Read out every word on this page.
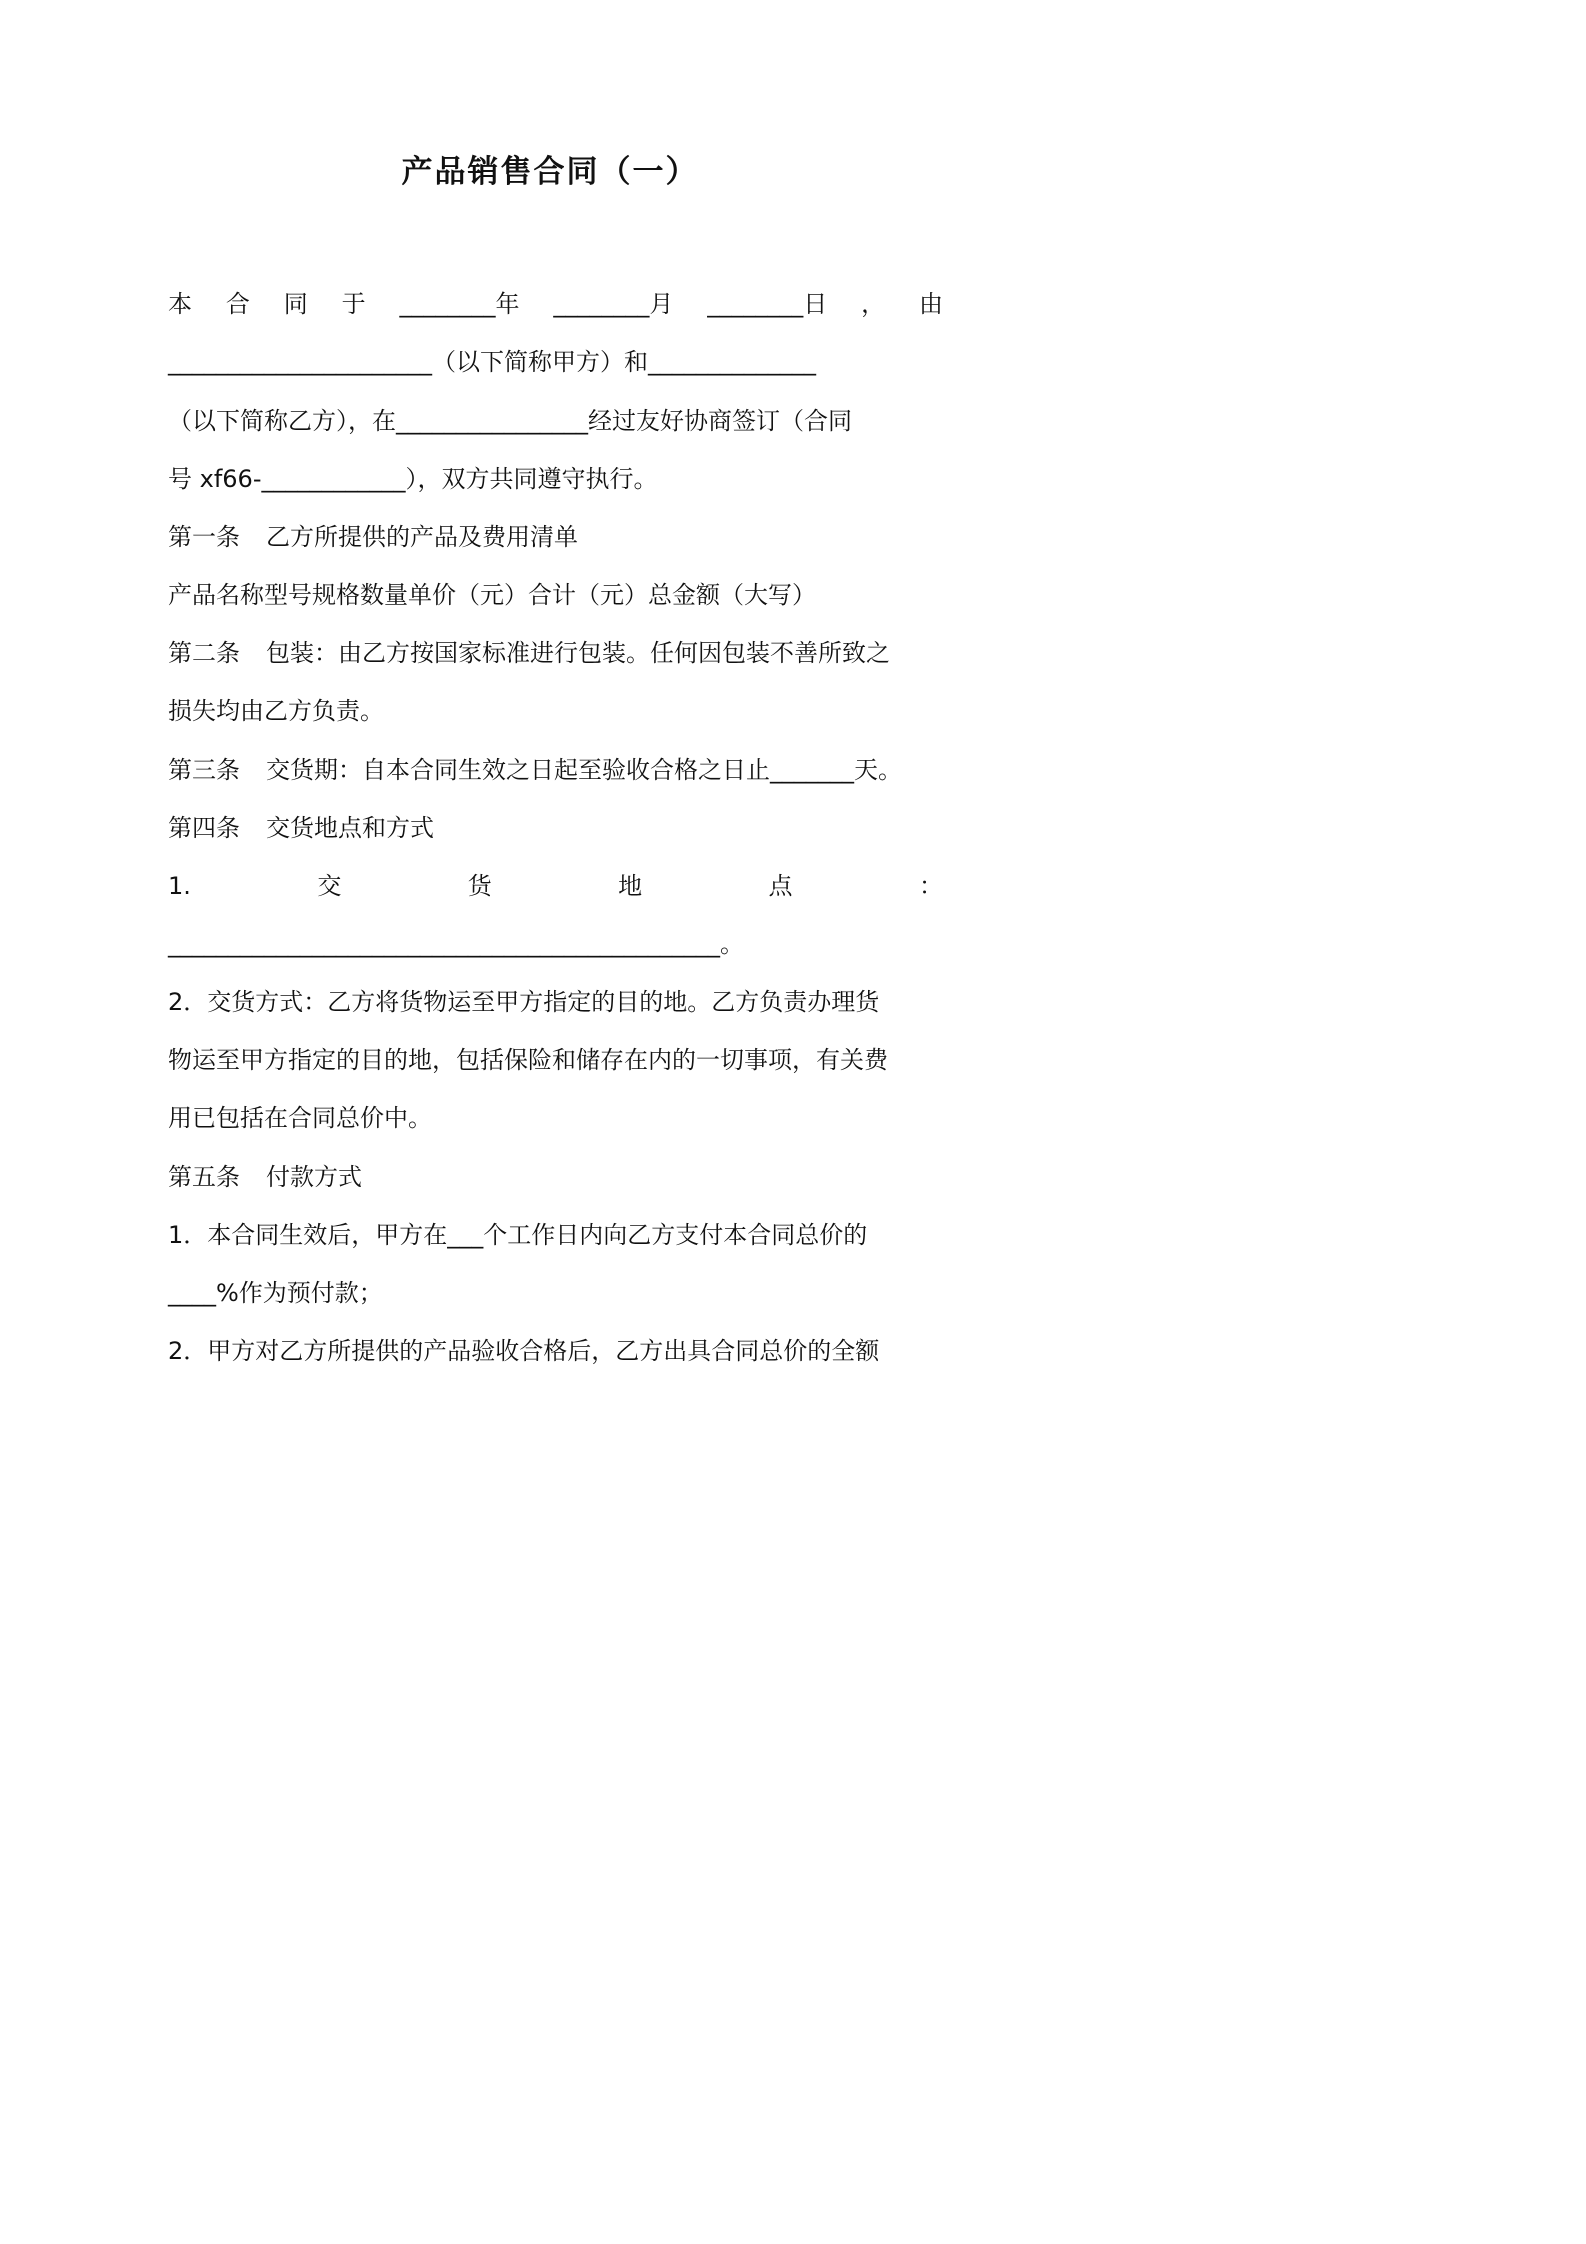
产品销售合同（一）
本 合 同 于 ________年 ________月 ________日 ， 由

______________________（以下简称甲方）和______________

（以下简称乙方），在________________经过友好协商签订（合同

号 xf66-____________），双方共同遵守执行。

第一条 乙方所提供的产品及费用清单

产品名称型号规格数量单价（元）合计（元）总金额（大写）

第二条 包装：由乙方按国家标准进行包装。任何因包装不善所致之

损失均由乙方负责。

第三条 交货期：自本合同生效之日起至验收合格之日止_______天。

第四条 交货地点和方式

1.	交	货	地	点	：

______________________________________________。

2．交货方式：乙方将货物运至甲方指定的目的地。乙方负责办理货

物运至甲方指定的目的地，包括保险和储存在内的一切事项，有关费

用已包括在合同总价中。

第五条 付款方式

1．本合同生效后，甲方在___个工作日内向乙方支付本合同总价的

____%作为预付款；

2．甲方对乙方所提供的产品验收合格后，乙方出具合同总价的全额
